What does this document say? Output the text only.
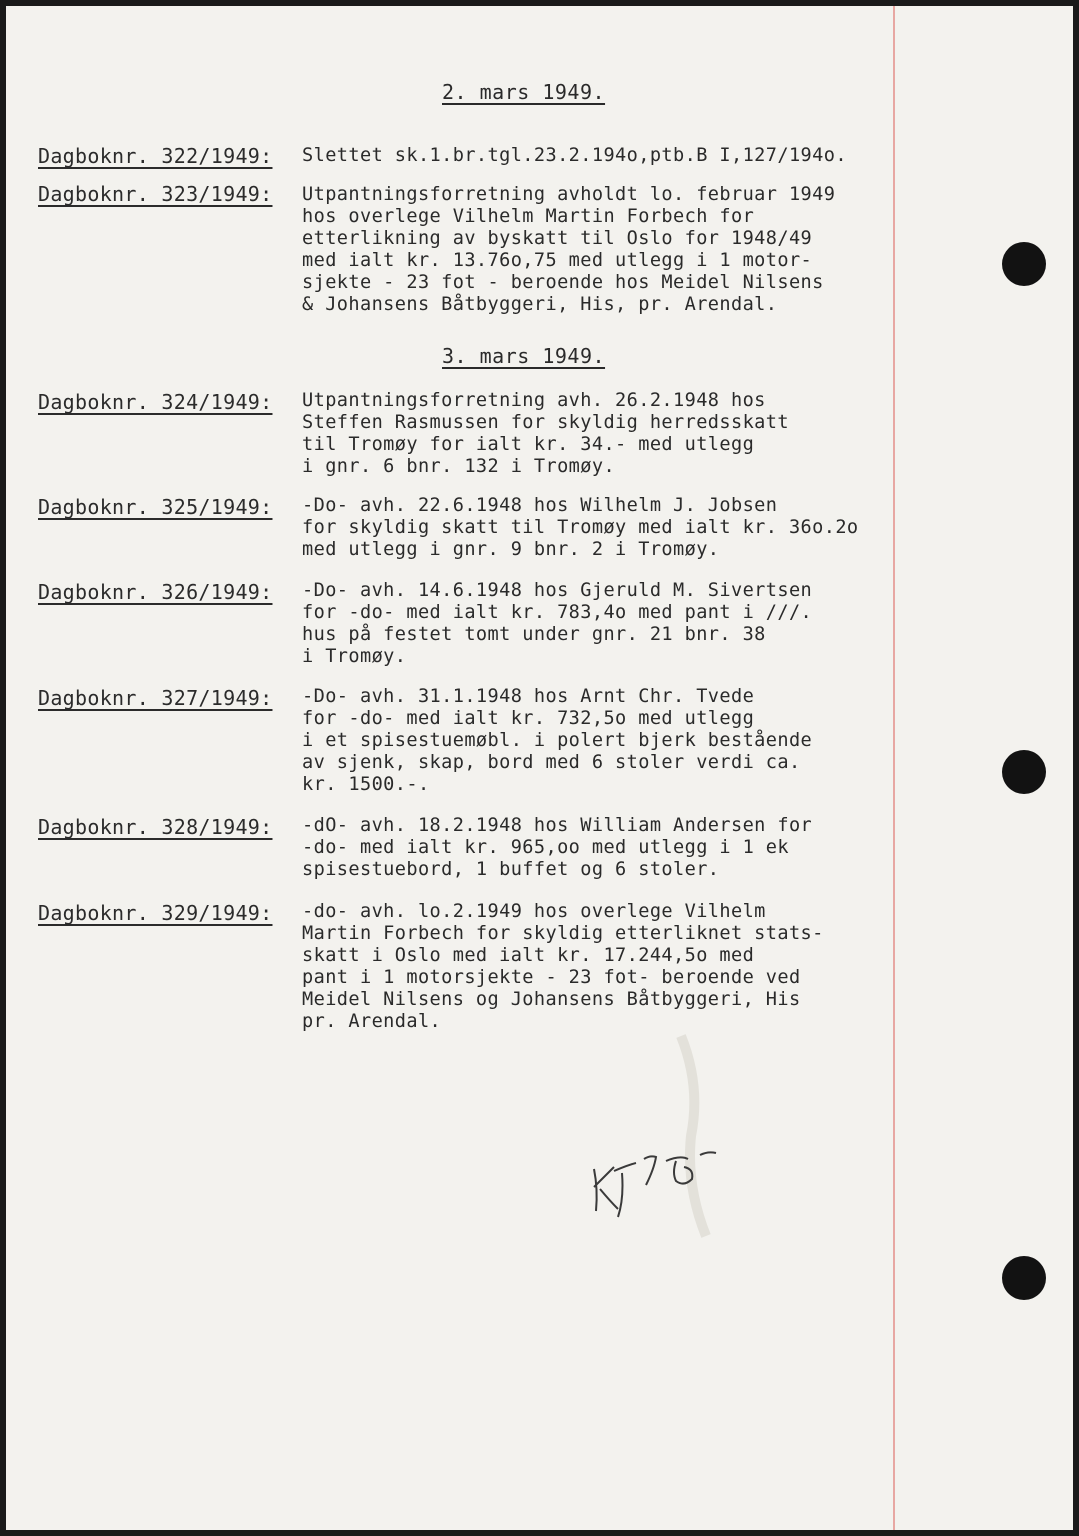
2. mars 1949.
3. mars 1949.
Dagboknr. 322/1949: Slettet sk.1.br.tgl.23.2.194o,ptb.B I,127/194o.
Dagboknr. 323/1949: Utpantningsforretning avholdt lo. februar 1949
hos overlege Vilhelm Martin Forbech for
etterlikning av byskatt til Oslo for 1948/49
med ialt kr. 13.76o,75 med utlegg i 1 motor-
sjekte - 23 fot - beroende hos Meidel Nilsens
& Johansens Båtbyggeri, His, pr. Arendal.
Dagboknr. 324/1949: Utpantningsforretning avh. 26.2.1948 hos
Steffen Rasmussen for skyldig herredsskatt
til Tromøy for ialt kr. 34.- med utlegg
i gnr. 6 bnr. 132 i Tromøy.
Dagboknr. 325/1949: -Do- avh. 22.6.1948 hos Wilhelm J. Jobsen
for skyldig skatt til Tromøy med ialt kr. 36o.2o
med utlegg i gnr. 9 bnr. 2 i Tromøy.
Dagboknr. 326/1949: -Do- avh. 14.6.1948 hos Gjeruld M. Sivertsen
for -do- med ialt kr. 783,4o med pant i ///.
hus på festet tomt under gnr. 21 bnr. 38
i Tromøy.
Dagboknr. 327/1949: -Do- avh. 31.1.1948 hos Arnt Chr. Tvede
for -do- med ialt kr. 732,5o med utlegg
i et spisestuemøbl. i polert bjerk bestående
av sjenk, skap, bord med 6 stoler verdi ca.
kr. 1500.-.
Dagboknr. 328/1949: -dO- avh. 18.2.1948 hos William Andersen for
-do- med ialt kr. 965,oo med utlegg i 1 ek
spisestuebord, 1 buffet og 6 stoler.
Dagboknr. 329/1949: -do- avh. lo.2.1949 hos overlege Vilhelm
Martin Forbech for skyldig etterliknet stats-
skatt i Oslo med ialt kr. 17.244,5o med
pant i 1 motorsjekte - 23 fot- beroende ved
Meidel Nilsens og Johansens Båtbyggeri, His
pr. Arendal.
